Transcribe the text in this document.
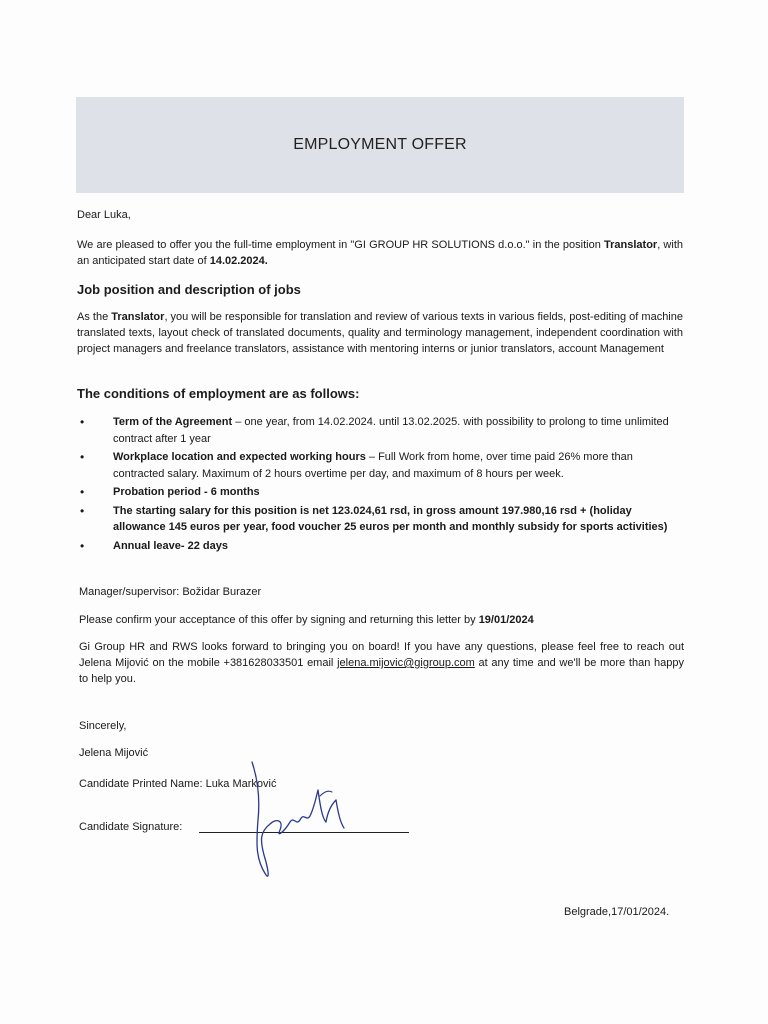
EMPLOYMENT OFFER
Dear Luka,
We are pleased to offer you the full-time employment in "GI GROUP HR SOLUTIONS d.o.o." in the position Translator, with an anticipated start date of 14.02.2024.
Job position and description of jobs
As the Translator, you will be responsible for translation and review of various texts in various fields, post-editing of machine translated texts, layout check of translated documents, quality and terminology management, independent coordination with project managers and freelance translators, assistance with mentoring interns or junior translators, account Management
The conditions of employment are as follows:
•	Term of the Agreement – one year, from 14.02.2024. until 13.02.2025. with possibility to prolong to time unlimited contract after 1 year
•	Workplace location and expected working hours – Full Work from home, over time paid 26% more than contracted salary. Maximum of 2 hours overtime per day, and maximum of 8 hours per week.
•	Probation period - 6 months
•	The starting salary for this position is net 123.024,61 rsd, in gross amount 197.980,16 rsd + (holiday allowance 145 euros per year, food voucher 25 euros per month and monthly subsidy for sports activities)
•	Annual leave- 22 days
Manager/supervisor: Božidar Burazer
Please confirm your acceptance of this offer by signing and returning this letter by 19/01/2024
Gi Group HR and RWS looks forward to bringing you on board! If you have any questions, please feel free to reach out Jelena Mijović on the mobile +381628033501 email jelena.mijovic@gigroup.com at any time and we'll be more than happy to help you.
Sincerely,
Jelena Mijović
Candidate Printed Name: Luka Marković
Candidate Signature:
Belgrade,17/01/2024.
